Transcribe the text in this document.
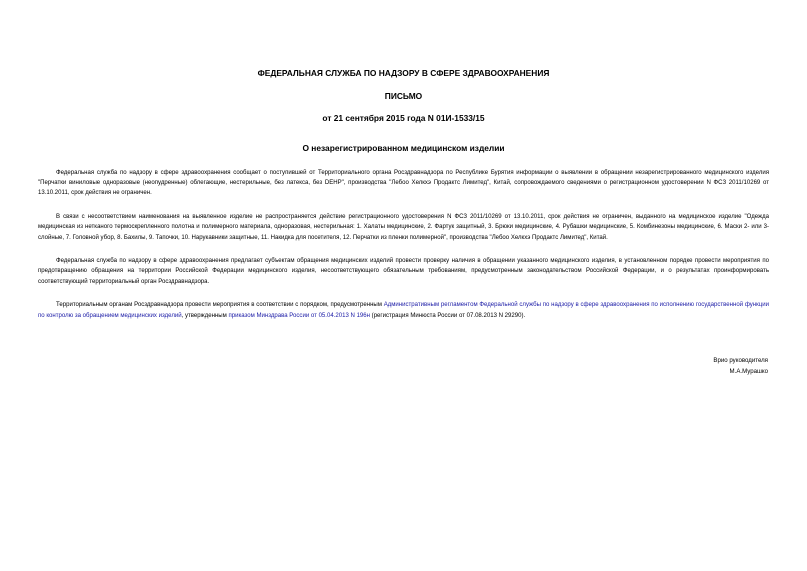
ФЕДЕРАЛЬНАЯ СЛУЖБА ПО НАДЗОРУ В СФЕРЕ ЗДРАВООХРАНЕНИЯ
ПИСЬМО
от 21 сентября 2015 года N 01И-1533/15
О незарегистрированном медицинском изделии

Федеральная служба по надзору в сфере здравоохранения сообщает о поступившей от Территориального органа Росздравнадзора по Республике Бурятия информации о выявлении в обращении незарегистрированного медицинского изделия "Перчатки виниловые одноразовые (неопудренные) облегающие, нестерильные, без латекса, без DEHP", производства "Лебоо Хелкхэ Продактс Лимитед", Китай, сопровождаемого сведениями о регистрационном удостоверении N ФСЗ 2011/10269 от 13.10.2011, срок действия не ограничен.

В связи с несоответствием наименования на выявленное изделие не распространяется действие регистрационного удостоверения N ФСЗ 2011/10269 от 13.10.2011, срок действия не ограничен, выданного на медицинское изделие "Одежда медицинская из нетканого термоскрепленного полотна и полимерного материала, одноразовая, нестерильная: 1. Халаты медицинские, 2. Фартук защитный, 3. Брюки медицинские, 4. Рубашки медицинские, 5. Комбинезоны медицинские, 6. Маски 2- или 3-слойные, 7. Головной убор, 8. Бахилы, 9. Тапочки, 10. Нарукавники защитные, 11. Накидка для посетителя, 12. Перчатки из пленки полимерной", производства "Лебоо Хелкхэ Продактс Лимитед", Китай.

Федеральная служба по надзору в сфере здравоохранения предлагает субъектам обращения медицинских изделий провести проверку наличия в обращении указанного медицинского изделия, в установленном порядке провести мероприятия по предотвращению обращения на территории Российской Федерации медицинского изделия, несоответствующего обязательным требованиям, предусмотренным законодательством Российской Федерации, и о результатах проинформировать соответствующий территориальный орган Росздравнадзора.

Территориальным органам Росздравнадзора провести мероприятия в соответствии с порядком, предусмотренным Административным регламентом Федеральной службы по надзору в сфере здравоохранения по исполнению государственной функции по контролю за обращением медицинских изделий, утвержденным приказом Минздрава России от 05.04.2013 N 196н (регистрация Минюста России от 07.08.2013 N 29290).

Врио руководителя
М.А.Мурашко
